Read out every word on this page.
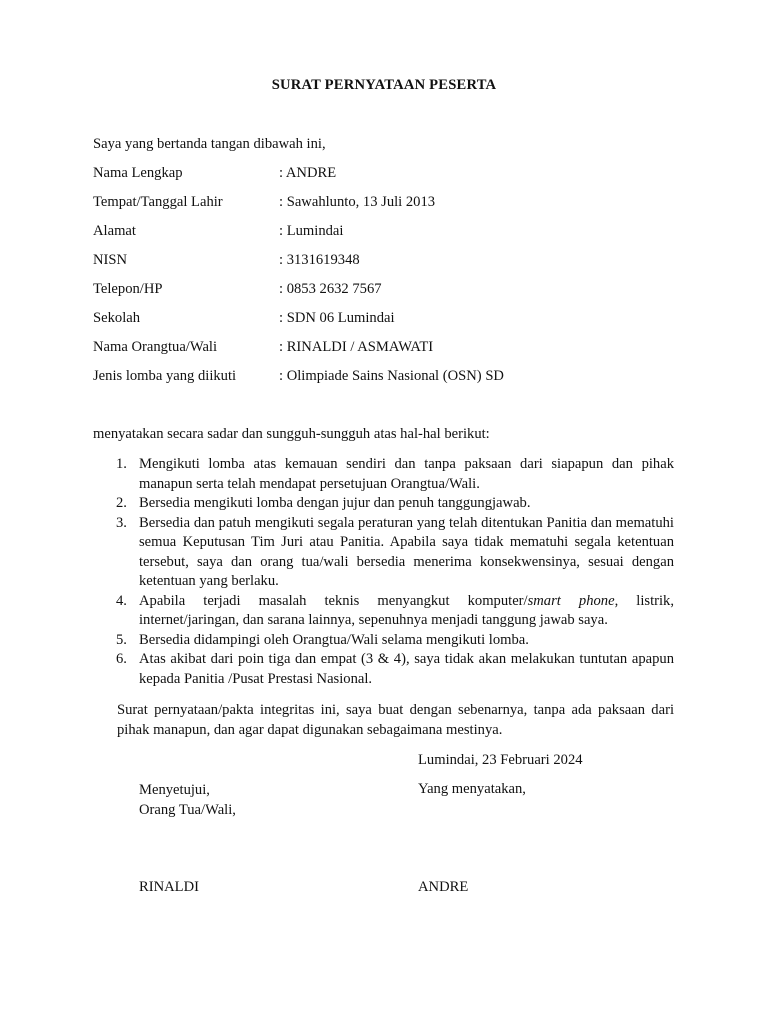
SURAT PERNYATAAN PESERTA
Saya yang bertanda tangan dibawah ini,
Nama Lengkap	: ANDRE
Tempat/Tanggal Lahir	: Sawahlunto, 13 Juli 2013
Alamat	: Lumindai
NISN	: 3131619348
Telepon/HP	: 0853 2632 7567
Sekolah	: SDN 06 Lumindai
Nama Orangtua/Wali	: RINALDI / ASMAWATI
Jenis lomba yang diikuti	: Olimpiade Sains Nasional (OSN) SD
menyatakan secara sadar dan sungguh-sungguh atas hal-hal berikut:
1. Mengikuti lomba atas kemauan sendiri dan tanpa paksaan dari siapapun dan pihak manapun serta telah mendapat persetujuan Orangtua/Wali.
2. Bersedia mengikuti lomba dengan jujur dan penuh tanggungjawab.
3. Bersedia dan patuh mengikuti segala peraturan yang telah ditentukan Panitia dan mematuhi semua Keputusan Tim Juri atau Panitia. Apabila saya tidak mematuhi segala ketentuan tersebut, saya dan orang tua/wali bersedia menerima konsekwensinya, sesuai dengan ketentuan yang berlaku.
4. Apabila terjadi masalah teknis menyangkut komputer/smart phone, listrik, internet/jaringan, dan sarana lainnya, sepenuhnya menjadi tanggung jawab saya.
5. Bersedia didampingi oleh Orangtua/Wali selama mengikuti lomba.
6. Atas akibat dari poin tiga dan empat (3 & 4), saya tidak akan melakukan tuntutan apapun kepada Panitia /Pusat Prestasi Nasional.
Surat pernyataan/pakta integritas ini, saya buat dengan sebenarnya, tanpa ada paksaan dari pihak manapun, dan agar dapat digunakan sebagaimana mestinya.
Lumindai, 23 Februari 2024
Menyetujui,
Orang Tua/Wali,
Yang menyatakan,
RINALDI	ANDRE
